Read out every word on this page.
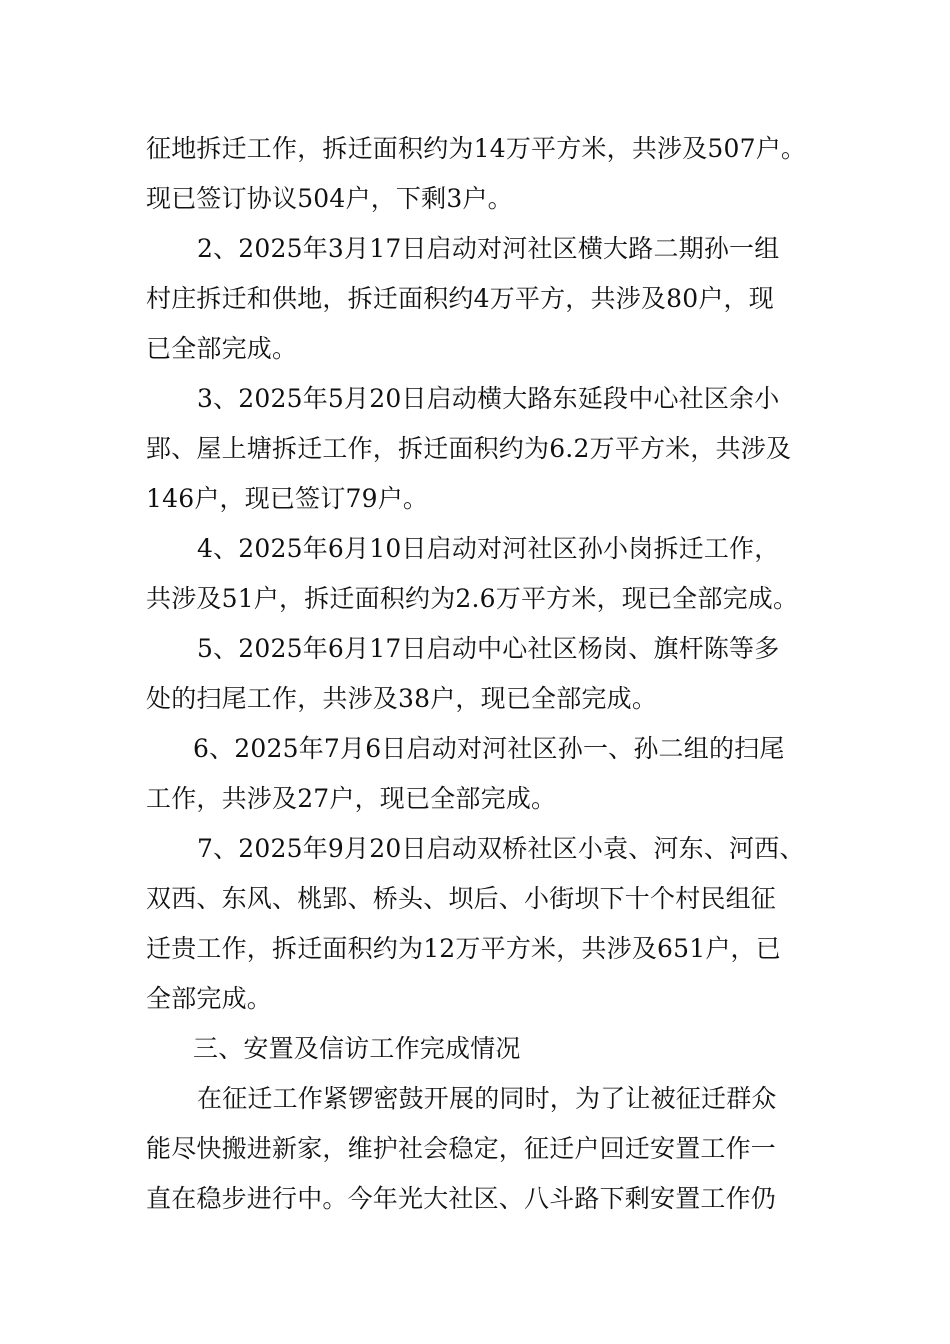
征地拆迁工作，拆迁面积约为14万平方米，共涉及507户。
现已签订协议504户，下剩3户。
2、2025年3月17日启动对河社区横大路二期孙一组
村庄拆迁和供地，拆迁面积约4万平方，共涉及80户，现
已全部完成。
3、2025年5月20日启动横大路东延段中心社区余小
郢、屋上塘拆迁工作，拆迁面积约为6.2万平方米，共涉及
146户，现已签订79户。
4、2025年6月10日启动对河社区孙小岗拆迁工作，
共涉及51户，拆迁面积约为2.6万平方米，现已全部完成。
5、2025年6月17日启动中心社区杨岗、旗杆陈等多
处的扫尾工作，共涉及38户，现已全部完成。
6、2025年7月6日启动对河社区孙一、孙二组的扫尾
工作，共涉及27户，现已全部完成。
7、2025年9月20日启动双桥社区小袁、河东、河西、
双西、东风、桃郢、桥头、坝后、小街坝下十个村民组征
迁贵工作，拆迁面积约为12万平方米，共涉及651户，已
全部完成。
三、安置及信访工作完成情况
在征迁工作紧锣密鼓开展的同时，为了让被征迁群众
能尽快搬进新家，维护社会稳定，征迁户回迁安置工作一
直在稳步进行中。今年光大社区、八斗路下剩安置工作仍
